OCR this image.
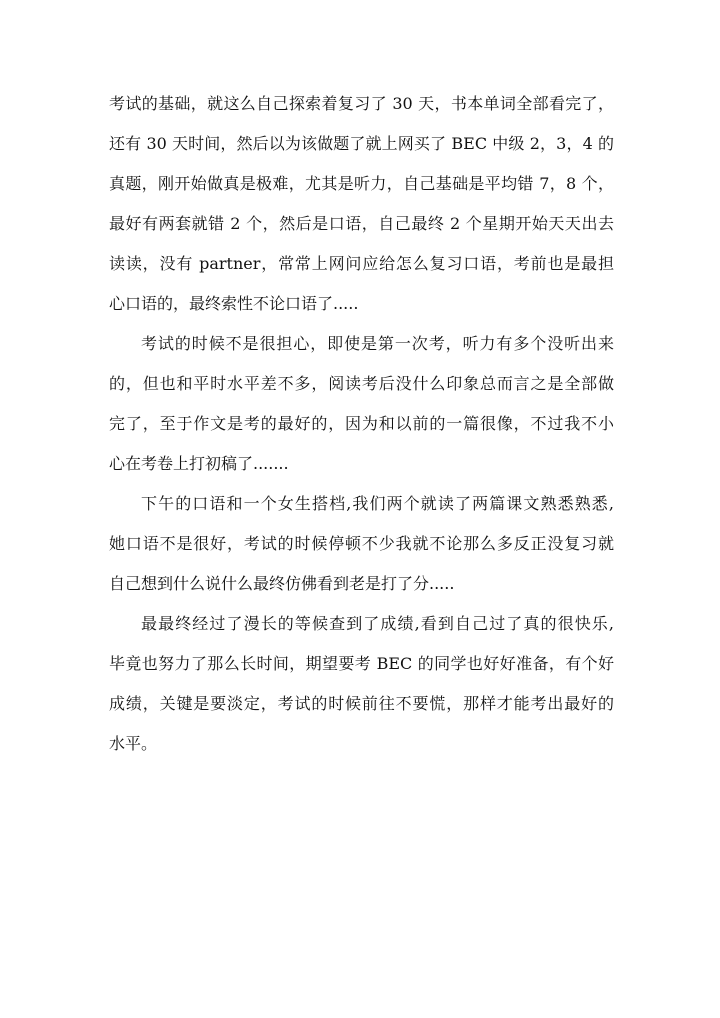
考试的基础，就这么自己探索着复习了 30 天，书本单词全部看完了，
还有 30 天时间，然后以为该做题了就上网买了 BEC 中级 2，3，4 的
真题，刚开始做真是极难，尤其是听力，自己基础是平均错 7，8 个，
最好有两套就错 2 个，然后是口语，自己最终 2 个星期开始天天出去
读读，没有 partner，常常上网问应给怎么复习口语，考前也是最担
心口语的，最终索性不论口语了.....
考试的时候不是很担心，即使是第一次考，听力有多个没听出来
的，但也和平时水平差不多，阅读考后没什么印象总而言之是全部做
完了，至于作文是考的最好的，因为和以前的一篇很像，不过我不小
心在考卷上打初稿了.......
下午的口语和一个女生搭档,我们两个就读了两篇课文熟悉熟悉,
她口语不是很好，考试的时候停顿不少我就不论那么多反正没复习就
自己想到什么说什么最终仿佛看到老是打了分.....
最最终经过了漫长的等候查到了成绩,看到自己过了真的很快乐,
毕竟也努力了那么长时间，期望要考 BEC 的同学也好好准备，有个好
成绩，关键是要淡定，考试的时候前往不要慌，那样才能考出最好的
水平。
